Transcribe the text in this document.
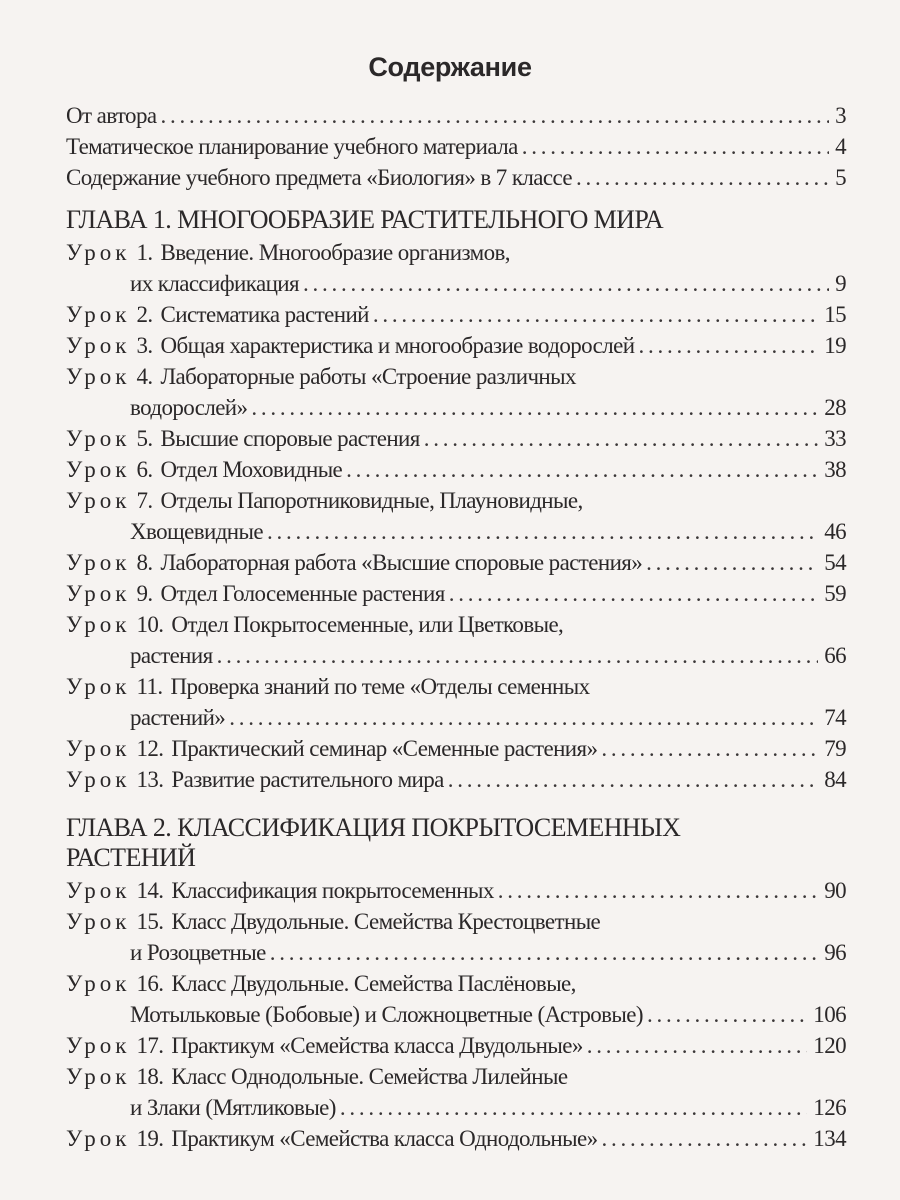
Содержание
От автора . . .	3
Тематическое планирование учебного материала . . .	4
Содержание учебного предмета «Биология» в 7 классе . . .	5
ГЛАВА 1. МНОГООБРАЗИЕ РАСТИТЕЛЬНОГО МИРА
Урок 1. Введение. Многообразие организмов,
их классификация . . .	9
Урок 2. Систематика растений . . .	15
Урок 3. Общая характеристика и многообразие водорослей . . .	19
Урок 4. Лабораторные работы «Строение различных
водорослей» . . .	28
Урок 5. Высшие споровые растения . . .	33
Урок 6. Отдел Моховидные . . .	38
Урок 7. Отделы Папоротниковидные, Плауновидные,
Хвощевидные . . .	46
Урок 8. Лабораторная работа «Высшие споровые растения» . . .	54
Урок 9. Отдел Голосеменные растения . . .	59
Урок 10. Отдел Покрытосеменные, или Цветковые,
растения . . .	66
Урок 11. Проверка знаний по теме «Отделы семенных
растений» . . .	74
Урок 12. Практический семинар «Семенные растения» . . .	79
Урок 13. Развитие растительного мира . . .	84
ГЛАВА 2. КЛАССИФИКАЦИЯ ПОКРЫТОСЕМЕННЫХ
РАСТЕНИЙ
Урок 14. Классификация покрытосеменных . . .	90
Урок 15. Класс Двудольные. Семейства Крестоцветные
и Розоцветные . . .	96
Урок 16. Класс Двудольные. Семейства Паслёновые,
Мотыльковые (Бобовые) и Сложноцветные (Астровые) . . .	106
Урок 17. Практикум «Семейства класса Двудольные» . . .	120
Урок 18. Класс Однодольные. Семейства Лилейные
и Злаки (Мятликовые) . . .	126
Урок 19. Практикум «Семейства класса Однодольные» . . .	134
